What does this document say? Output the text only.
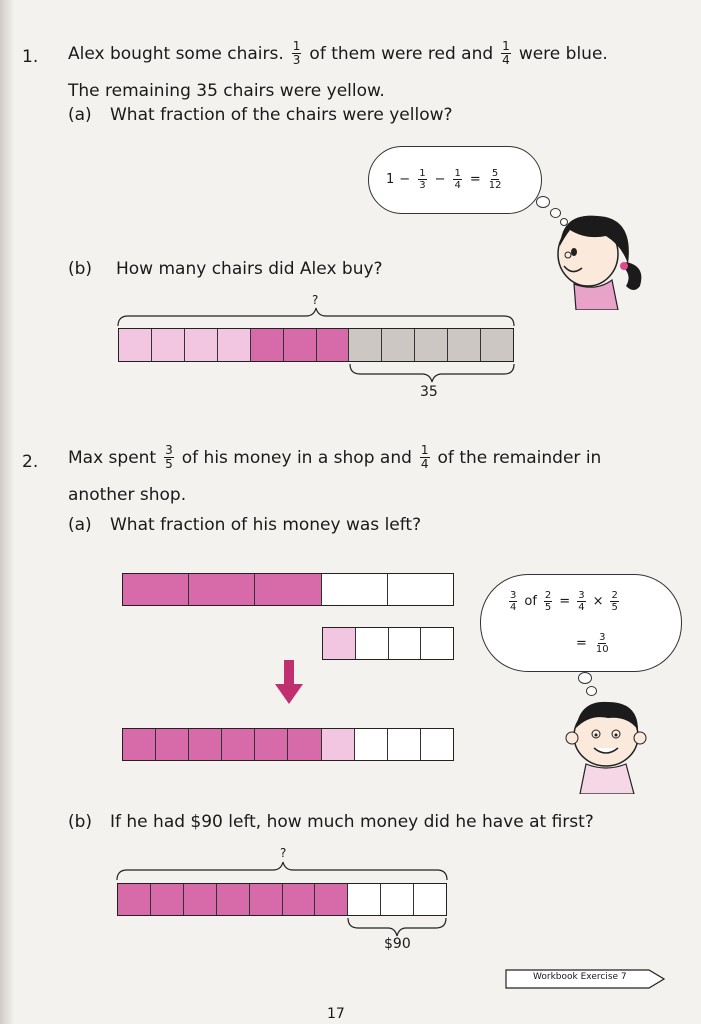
1. Alex bought some chairs. $\frac{1}{3}$ of them were red and $\frac{1}{4}$ were blue.
The remaining 35 chairs were yellow.
(a) What fraction of the chairs were yellow?
$1 - \frac{1}{3} - \frac{1}{4} = \frac{5}{12}$
(b) How many chairs did Alex buy?
?
35
2. Max spent $\frac{3}{5}$ of his money in a shop and $\frac{1}{4}$ of the remainder in
another shop.
(a) What fraction of his money was left?
$\frac{3}{4}$ of $\frac{2}{5} = \frac{3}{4} \times \frac{2}{5}$
= $\frac{3}{10}$
(b) If he had $90 left, how much money did he have at first?
?
$90
Workbook Exercise 7
17
